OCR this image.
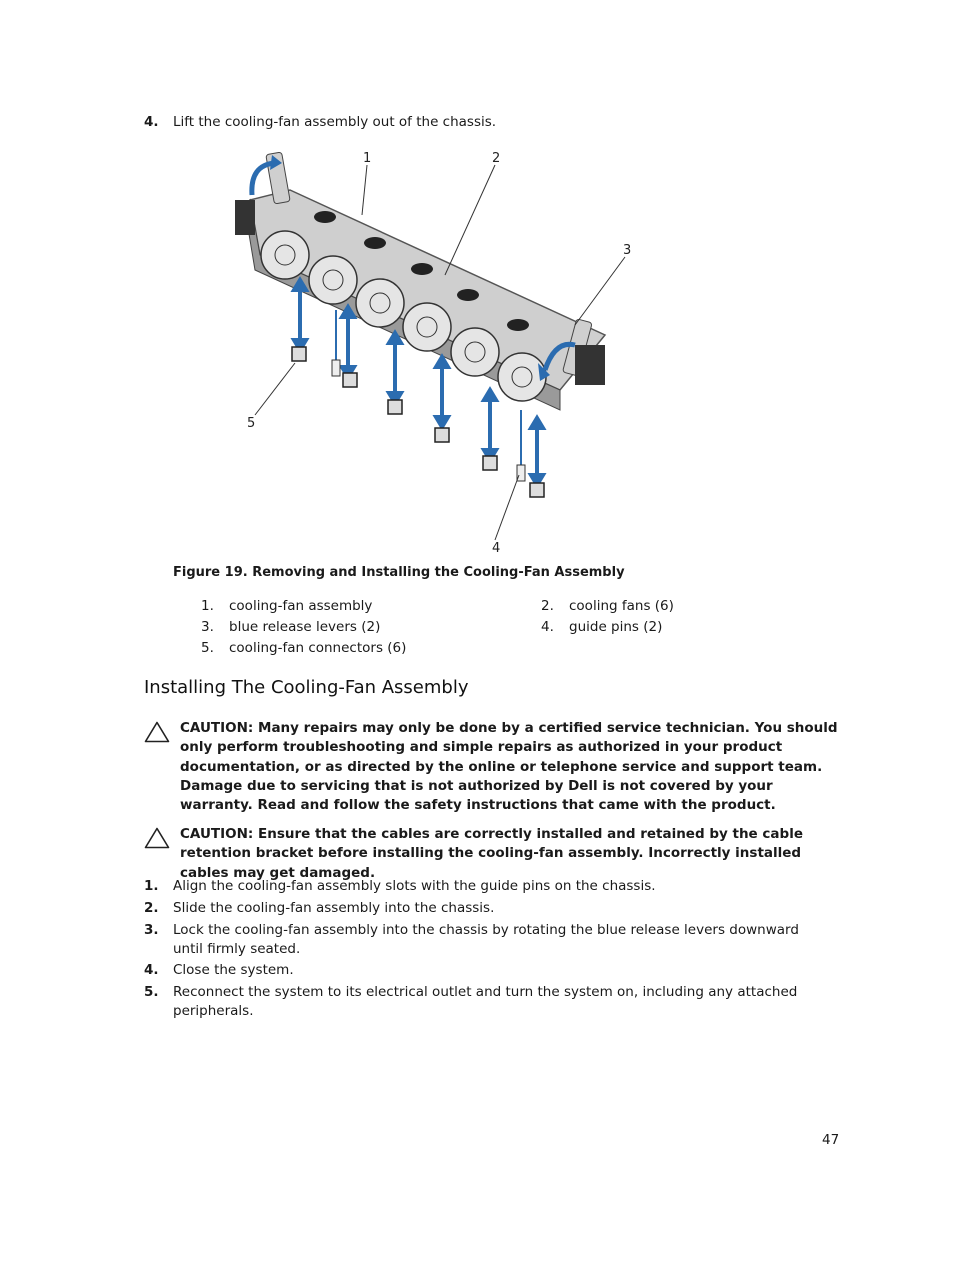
4. Lift the cooling-fan assembly out of the chassis.
1	2
3
4
5
Figure 19. Removing and Installing the Cooling-Fan Assembly
1. cooling-fan assembly	2. cooling fans (6)
3. blue release levers (2)	4. guide pins (2)
5. cooling-fan connectors (6)
Installing The Cooling-Fan Assembly
CAUTION: Many repairs may only be done by a certified service technician. You should only perform troubleshooting and simple repairs as authorized in your product documentation, or as directed by the online or telephone service and support team. Damage due to servicing that is not authorized by Dell is not covered by your warranty. Read and follow the safety instructions that came with the product.
CAUTION: Ensure that the cables are correctly installed and retained by the cable retention bracket before installing the cooling-fan assembly. Incorrectly installed cables may get damaged.
1. Align the cooling-fan assembly slots with the guide pins on the chassis.
2. Slide the cooling-fan assembly into the chassis.
3. Lock the cooling-fan assembly into the chassis by rotating the blue release levers downward until firmly seated.
4. Close the system.
5. Reconnect the system to its electrical outlet and turn the system on, including any attached peripherals.
47
